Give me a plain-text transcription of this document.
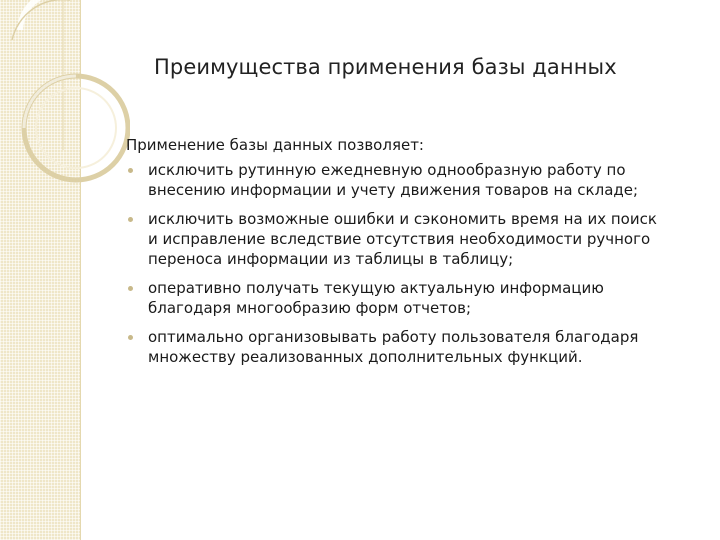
Преимущества применения базы данных

Применение базы данных позволяет:

исключить рутинную ежедневную однообразную работу по
внесению информации и учету движения товаров на складе;
исключить возможные ошибки и сэкономить время на их поиск
и исправление вследствие отсутствия необходимости ручного
переноса информации из таблицы в таблицу;
оперативно получать текущую актуальную информацию
благодаря многообразию форм отчетов;
оптимально организовывать работу пользователя благодаря
множеству реализованных дополнительных функций.
